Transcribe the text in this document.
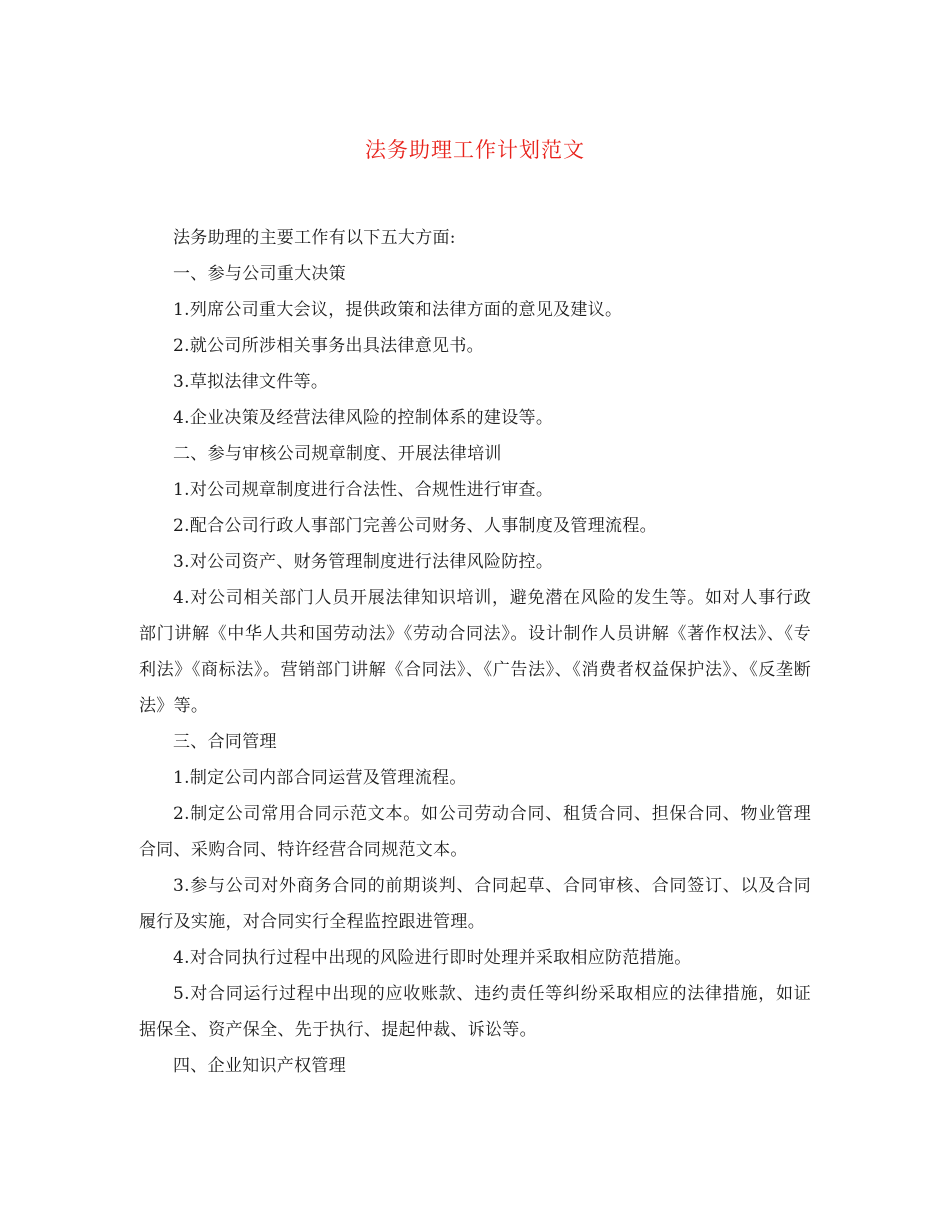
法务助理工作计划范文

法务助理的主要工作有以下五大方面:

一、参与公司重大决策

1.列席公司重大会议，提供政策和法律方面的意见及建议。

2.就公司所涉相关事务出具法律意见书。

3.草拟法律文件等。

4.企业决策及经营法律风险的控制体系的建设等。

二、参与审核公司规章制度、开展法律培训

1.对公司规章制度进行合法性、合规性进行审查。

2.配合公司行政人事部门完善公司财务、人事制度及管理流程。

3.对公司资产、财务管理制度进行法律风险防控。

4.对公司相关部门人员开展法律知识培训，避免潜在风险的发生等。如对人事行政部门讲解《中华人共和国劳动法》《劳动合同法》。设计制作人员讲解《著作权法》、《专利法》《商标法》。营销部门讲解《合同法》、《广告法》、《消费者权益保护法》、《反垄断法》等。

三、合同管理

1.制定公司内部合同运营及管理流程。

2.制定公司常用合同示范文本。如公司劳动合同、租赁合同、担保合同、物业管理合同、采购合同、特许经营合同规范文本。

3.参与公司对外商务合同的前期谈判、合同起草、合同审核、合同签订、以及合同履行及实施，对合同实行全程监控跟进管理。

4.对合同执行过程中出现的风险进行即时处理并采取相应防范措施。

5.对合同运行过程中出现的应收账款、违约责任等纠纷采取相应的法律措施，如证据保全、资产保全、先于执行、提起仲裁、诉讼等。

四、企业知识产权管理
